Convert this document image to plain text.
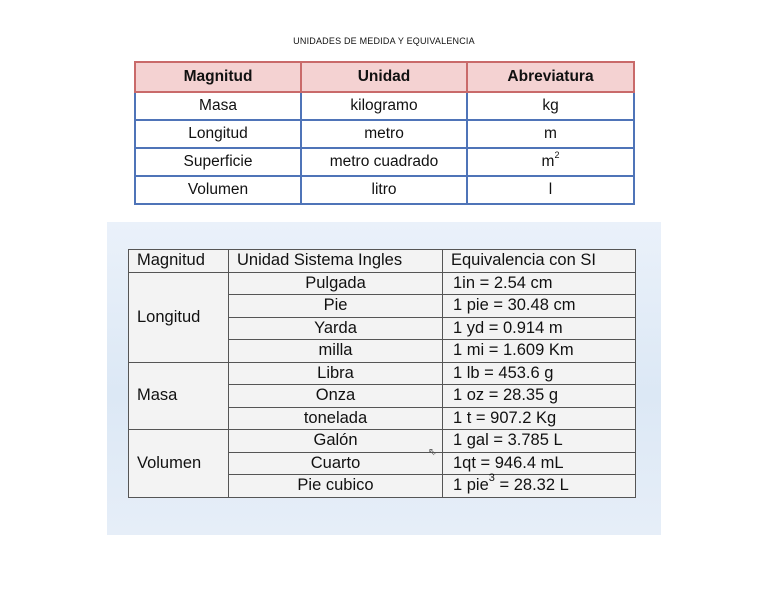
UNIDADES DE MEDIDA Y EQUIVALENCIA
Magnitud	Unidad	Abreviatura
Masa	kilogramo	kg
Longitud	metro	m
Superficie	metro cuadrado	$m^2$
Volumen	litro	l
Magnitud	Unidad Sistema Ingles	Equivalencia con SI
Longitud	Pulgada	1in = 2.54 cm
	Pie	1 pie = 30.48 cm
	Yarda	1 yd = 0.914 m
	milla	1 mi = 1.609 Km
Masa	Libra	1 lb = 453.6 g
	Onza	1 oz = 28.35 g
	tonelada	1 t = 907.2 Kg
Volumen	Galón	1 gal = 3.785 L
	Cuarto	1qt = 946.4 mL
	Pie cubico	1 pie$^3$ = 28.32 L
⇖
